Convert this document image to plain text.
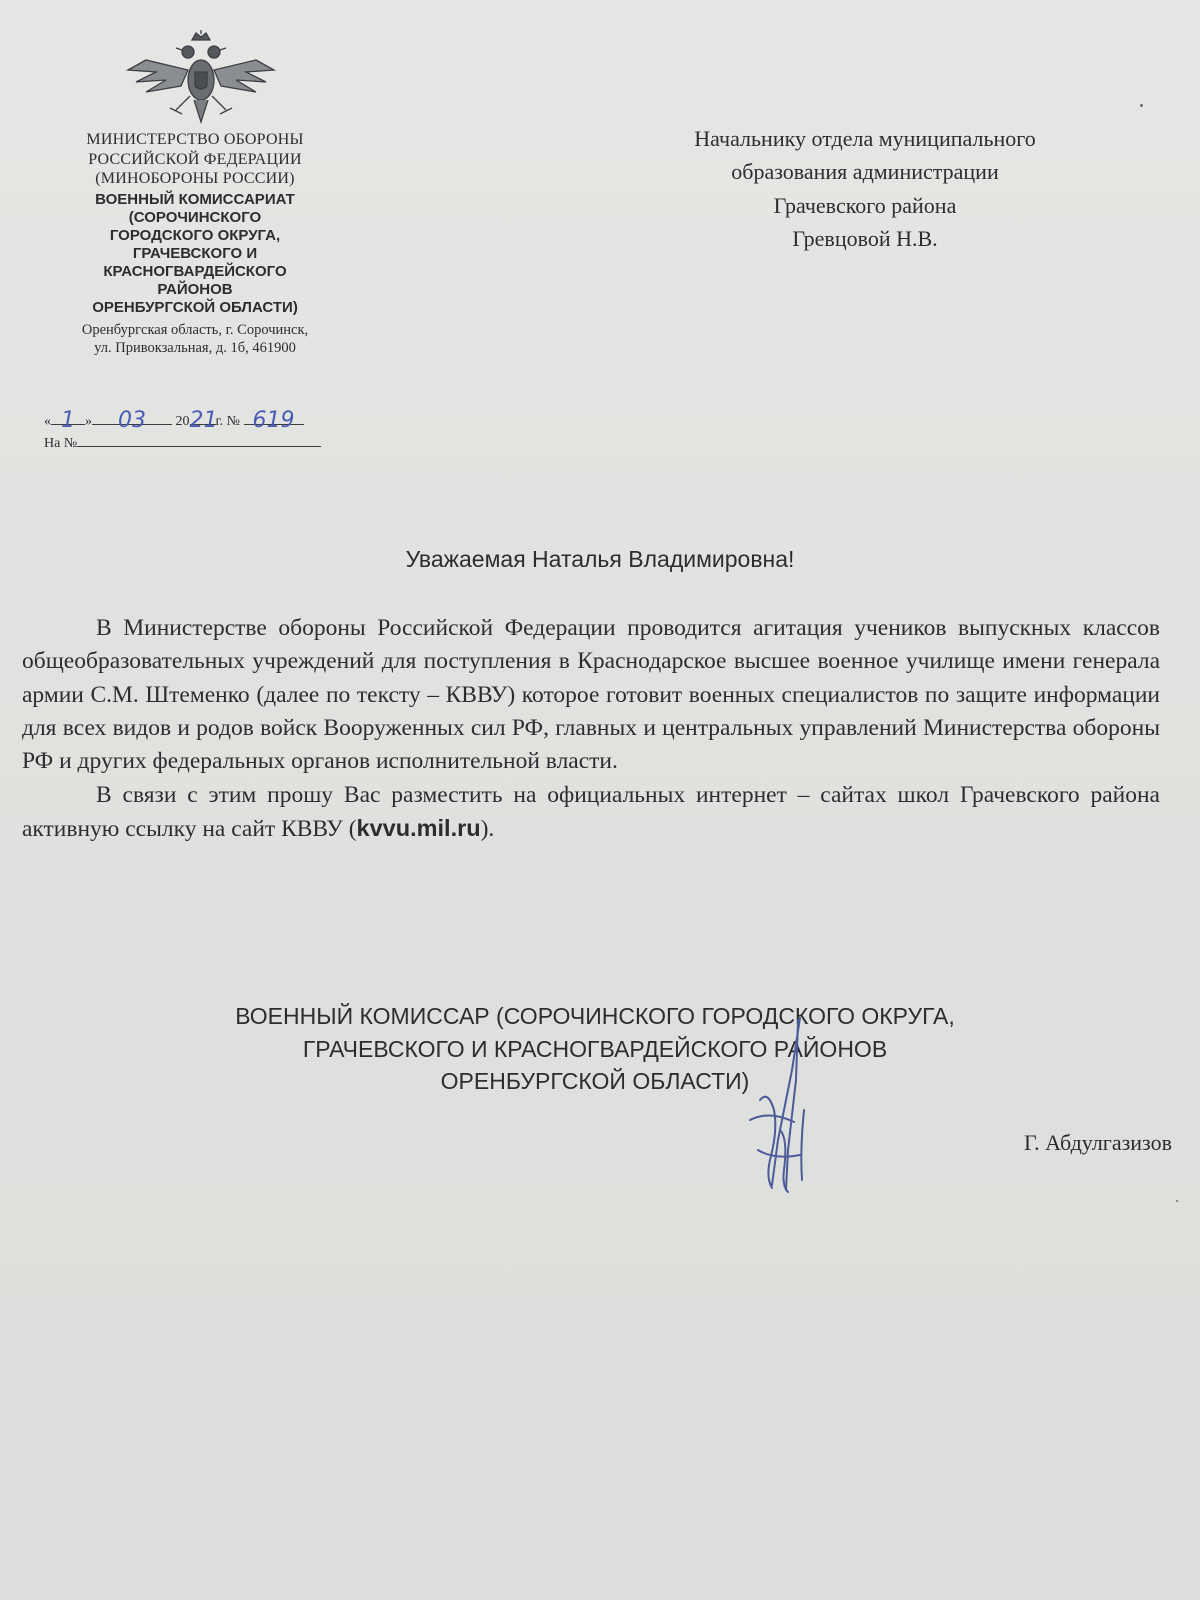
МИНИСТЕРСТВО ОБОРОНЫ
РОССИЙСКОЙ ФЕДЕРАЦИИ
(МИНОБОРОНЫ РОССИИ)
ВОЕННЫЙ КОМИССАРИАТ
(СОРОЧИНСКОГО
ГОРОДСКОГО ОКРУГА,
ГРАЧЕВСКОГО И
КРАСНОГВАРДЕЙСКОГО
РАЙОНОВ
ОРЕНБУРГСКОЙ ОБЛАСТИ)
Оренбургская область, г. Сорочинск,
ул. Привокзальная, д. 1б, 461900
« 1 » 03 2021г. № 619
На №
Начальнику отдела муниципального
образования администрации
Грачевского района
Гревцовой Н.В.
Уважаемая Наталья Владимировна!

В Министерстве обороны Российской Федерации проводится агитация учеников выпускных классов общеобразовательных учреждений для поступления в Краснодарское высшее военное училище имени генерала армии С.М. Штеменко (далее по тексту – КВВУ) которое готовит военных специалистов по защите информации для всех видов и родов войск Вооруженных сил РФ, главных и центральных управлений Министерства обороны РФ и других федеральных органов исполнительной власти.

В связи с этим прошу Вас разместить на официальных интернет – сайтах школ Грачевского района активную ссылку на сайт КВВУ (kvvu.mil.ru).

ВОЕННЫЙ КОМИССАР (СОРОЧИНСКОГО ГОРОДСКОГО ОКРУГА,
ГРАЧЕВСКОГО И КРАСНОГВАРДЕЙСКОГО РАЙОНОВ
ОРЕНБУРГСКОЙ ОБЛАСТИ)
Г. Абдулгазизов
